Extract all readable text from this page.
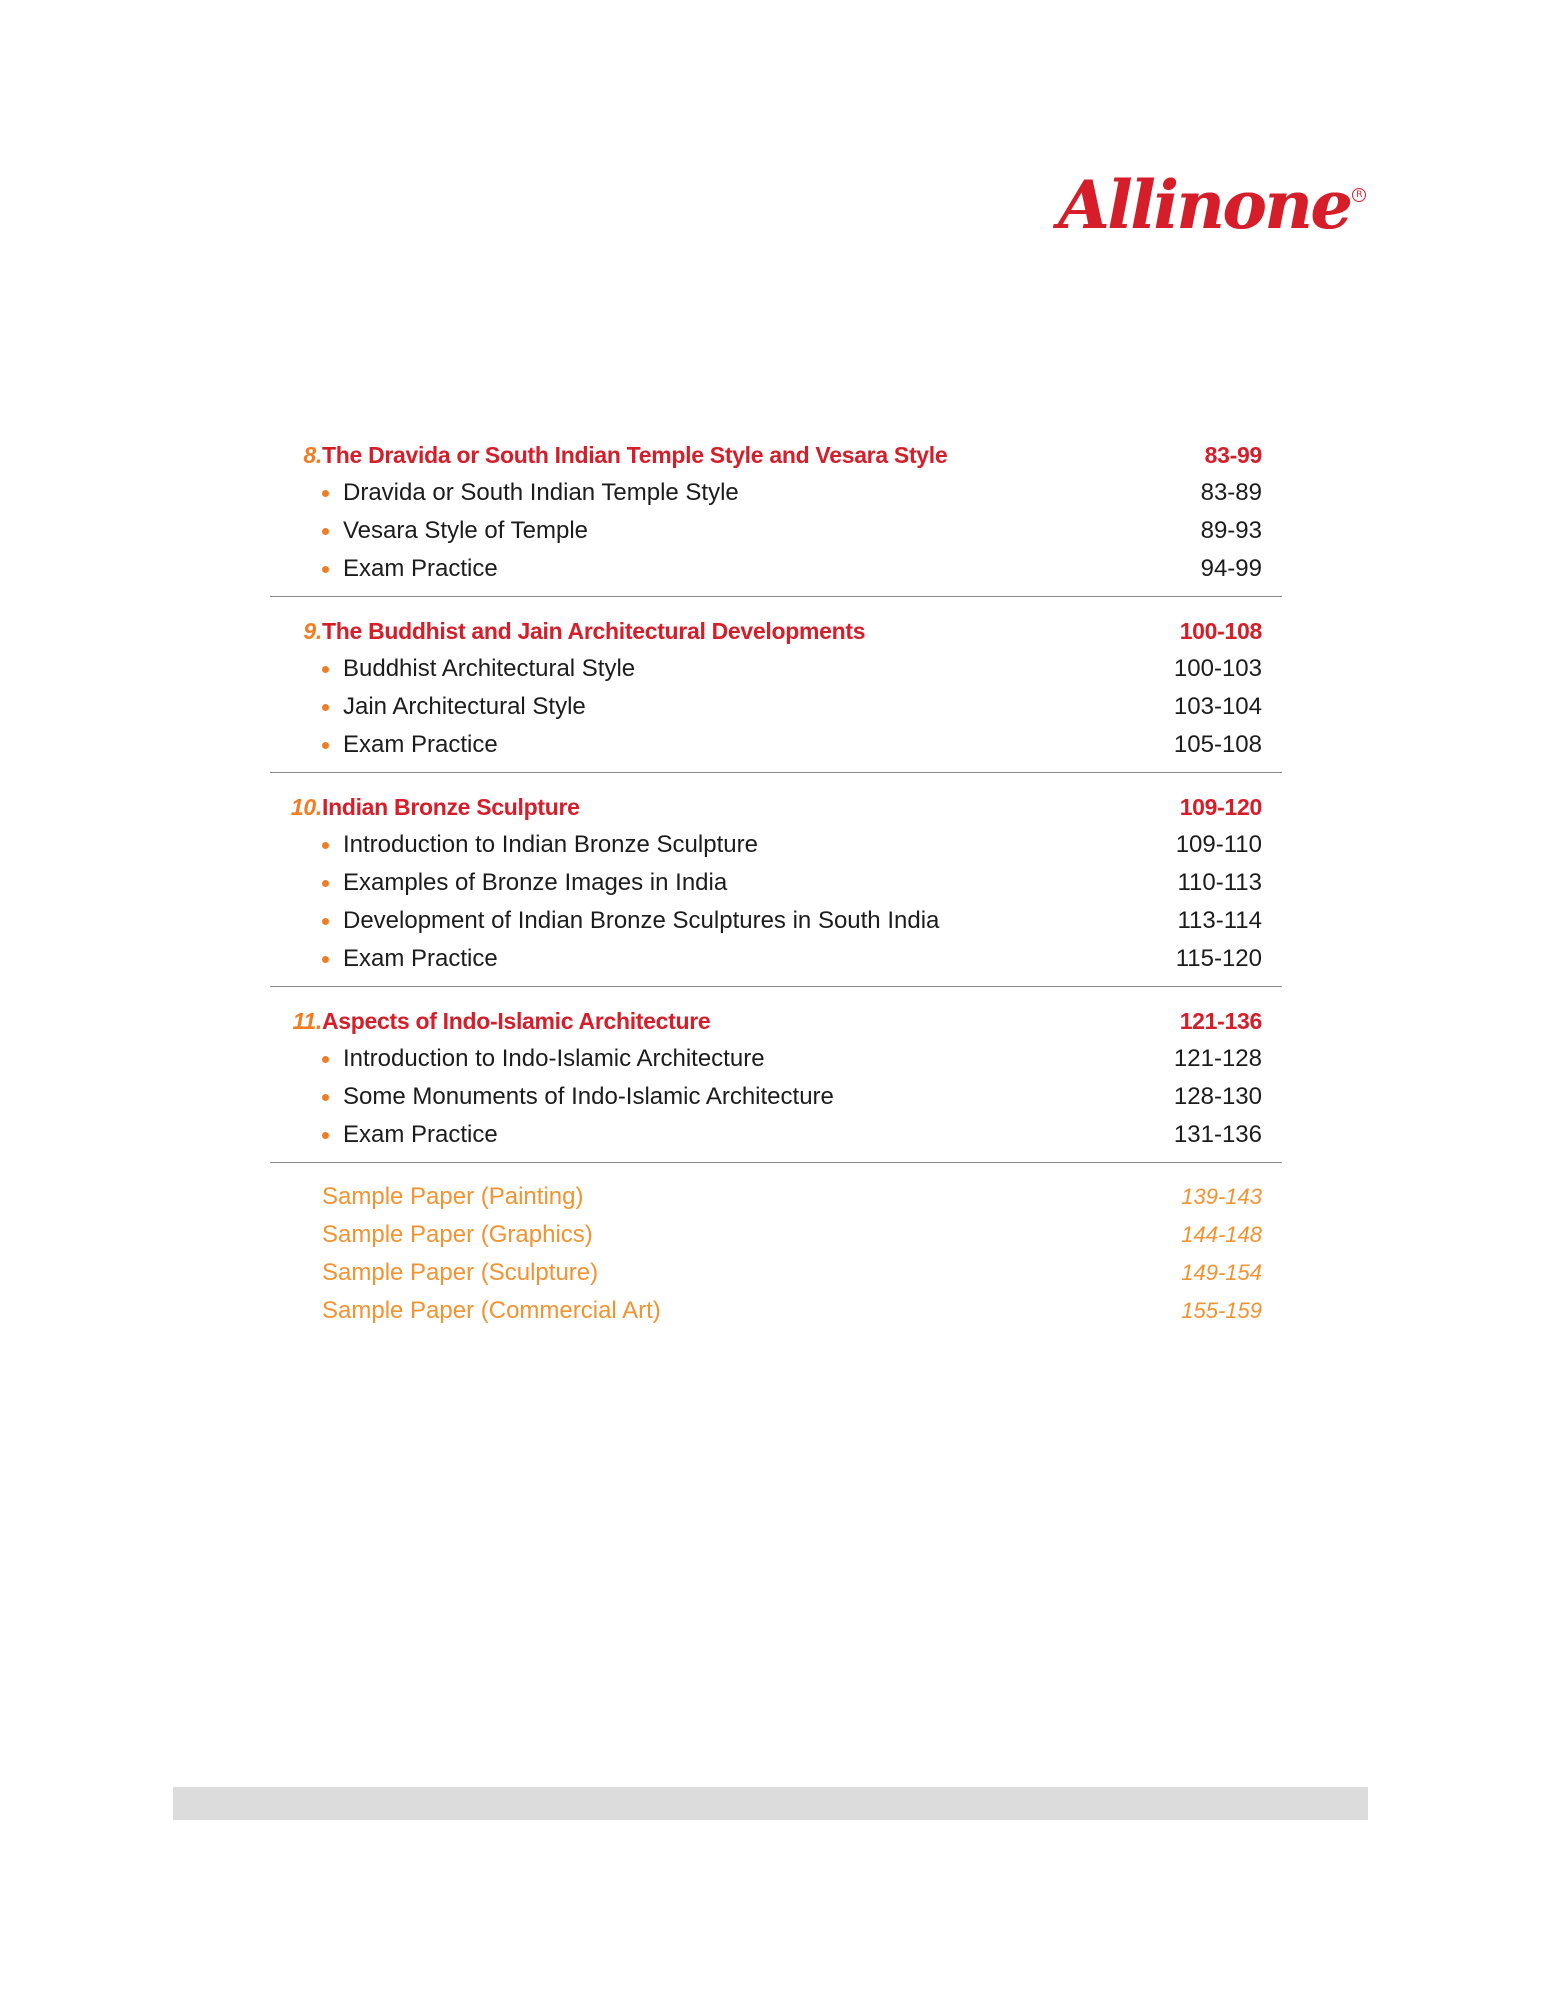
Allinone R
8. The Dravida or South Indian Temple Style and Vesara Style	83-99
Dravida or South Indian Temple Style	83-89
Vesara Style of Temple	89-93
Exam Practice	94-99
9. The Buddhist and Jain Architectural Developments	100-108
Buddhist Architectural Style	100-103
Jain Architectural Style	103-104
Exam Practice	105-108
10. Indian Bronze Sculpture	109-120
Introduction to Indian Bronze Sculpture	109-110
Examples of Bronze Images in India	110-113
Development of Indian Bronze Sculptures in South India	113-114
Exam Practice	115-120
11. Aspects of Indo-Islamic Architecture	121-136
Introduction to Indo-Islamic Architecture	121-128
Some Monuments of Indo-Islamic Architecture	128-130
Exam Practice	131-136
Sample Paper (Painting)	139-143
Sample Paper (Graphics)	144-148
Sample Paper (Sculpture)	149-154
Sample Paper (Commercial Art)	155-159
